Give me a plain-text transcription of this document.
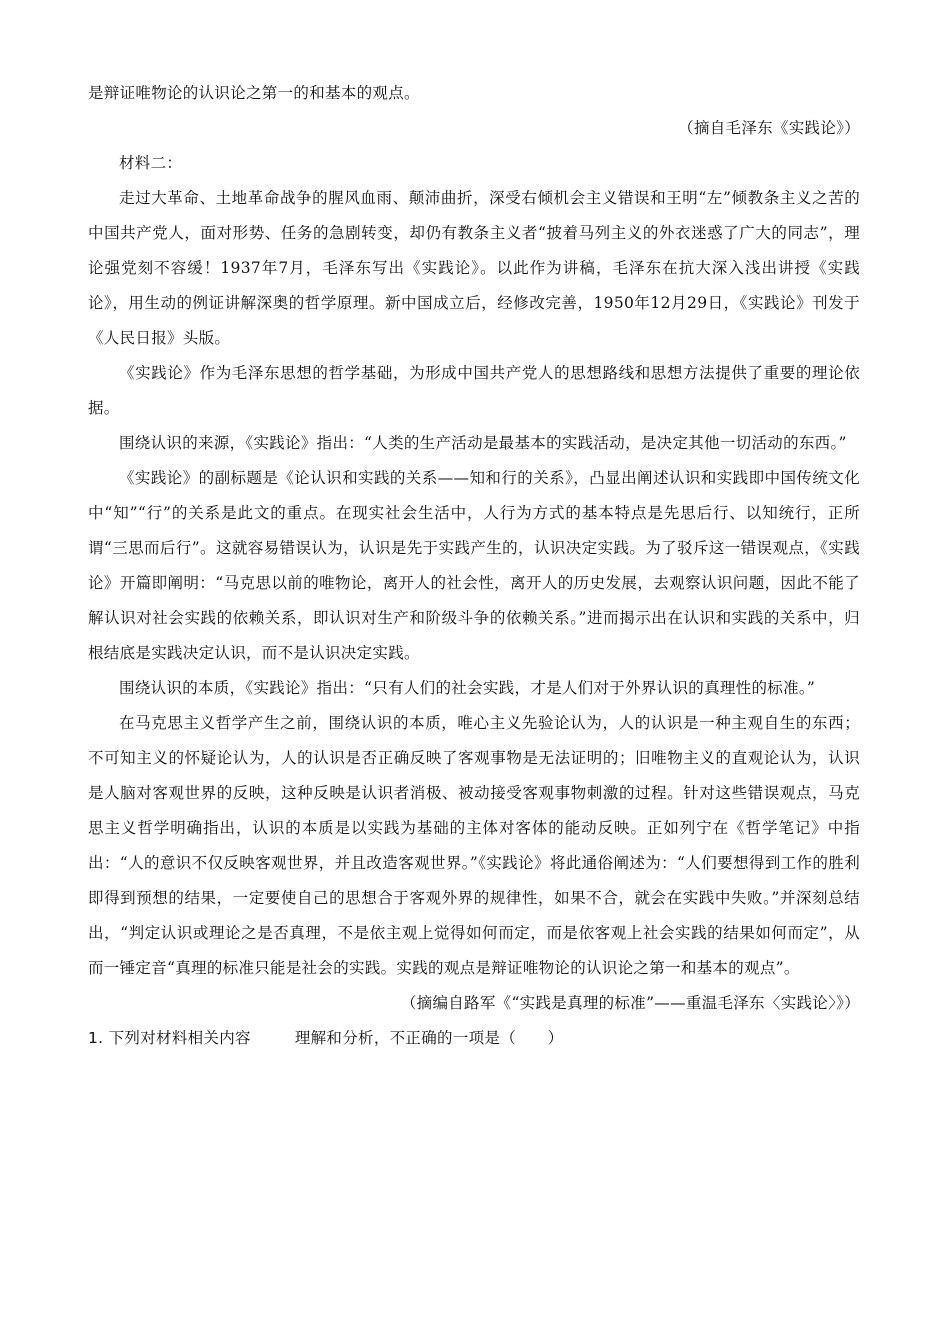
是辩证唯物论的认识论之第一的和基本的观点。

（摘自毛泽东《实践论》）

材料二：

走过大革命、土地革命战争的腥风血雨、颠沛曲折，深受右倾机会主义错误和王明“左”倾教条主义之苦的中国共产党人，面对形势、任务的急剧转变，却仍有教条主义者“披着马列主义的外衣迷惑了广大的同志”，理论强党刻不容缓！1937年7月，毛泽东写出《实践论》。以此作为讲稿，毛泽东在抗大深入浅出讲授《实践论》，用生动的例证讲解深奥的哲学原理。新中国成立后，经修改完善，1950年12月29日，《实践论》刊发于《人民日报》头版。

《实践论》作为毛泽东思想的哲学基础，为形成中国共产党人的思想路线和思想方法提供了重要的理论依据。

围绕认识的来源，《实践论》指出：“人类的生产活动是最基本的实践活动，是决定其他一切活动的东西。”

《实践论》的副标题是《论认识和实践的关系——知和行的关系》，凸显出阐述认识和实践即中国传统文化中“知”“行”的关系是此文的重点。在现实社会生活中，人行为方式的基本特点是先思后行、以知统行，正所谓“三思而后行”。这就容易错误认为，认识是先于实践产生的，认识决定实践。为了驳斥这一错误观点，《实践论》开篇即阐明：“马克思以前的唯物论，离开人的社会性，离开人的历史发展，去观察认识问题，因此不能了解认识对社会实践的依赖关系，即认识对生产和阶级斗争的依赖关系。”进而揭示出在认识和实践的关系中，归根结底是实践决定认识，而不是认识决定实践。

围绕认识的本质，《实践论》指出：“只有人们的社会实践，才是人们对于外界认识的真理性的标准。”

在马克思主义哲学产生之前，围绕认识的本质，唯心主义先验论认为，人的认识是一种主观自生的东西；不可知主义的怀疑论认为，人的认识是否正确反映了客观事物是无法证明的；旧唯物主义的直观论认为，认识是人脑对客观世界的反映，这种反映是认识者消极、被动接受客观事物刺激的过程。针对这些错误观点，马克思主义哲学明确指出，认识的本质是以实践为基础的主体对客体的能动反映。正如列宁在《哲学笔记》中指出：“人的意识不仅反映客观世界，并且改造客观世界。”《实践论》将此通俗阐述为：“人们要想得到工作的胜利即得到预想的结果，一定要使自己的思想合于客观外界的规律性，如果不合，就会在实践中失败。”并深刻总结出，“判定认识或理论之是否真理，不是依主观上觉得如何而定，而是依客观上社会实践的结果如何而定”，从而一锤定音“真理的标准只能是社会的实践。实践的观点是辩证唯物论的认识论之第一和基本的观点”。

（摘编自路军《“实践是真理的标准”——重温毛泽东〈实践论〉》）

1. 下列对材料相关内容	理解和分析，不正确的一项是（　　）
